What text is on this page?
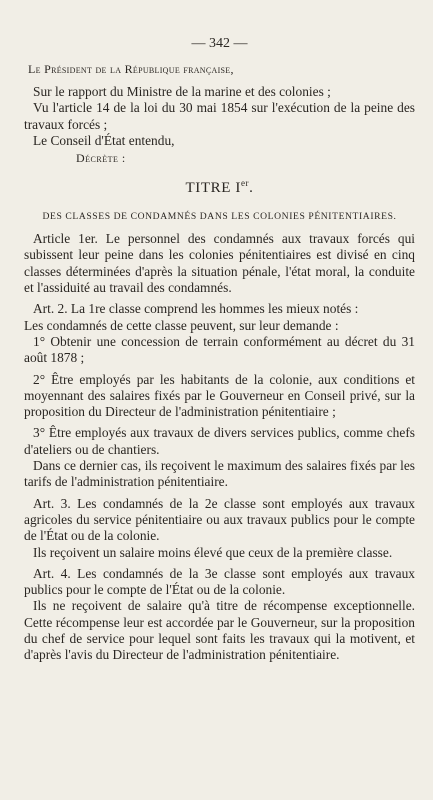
— 342 —
Le Président de la République française,

Sur le rapport du Ministre de la marine et des colonies ;

Vu l'article 14 de la loi du 30 mai 1854 sur l'exécution de la peine des travaux forcés ;

Le Conseil d'État entendu,

Décrète :
TITRE Ier.
DES CLASSES DE CONDAMNÉS DANS LES COLONIES PÉNITENTIAIRES.

Article 1er. Le personnel des condamnés aux travaux forcés qui subissent leur peine dans les colonies pénitentiaires est divisé en cinq classes déterminées d'après la situation pénale, l'état moral, la conduite et l'assiduité au travail des condamnés.

Art. 2. La 1re classe comprend les hommes les mieux notés :

Les condamnés de cette classe peuvent, sur leur demande :

1° Obtenir une concession de terrain conformément au décret du 31 août 1878 ;

2° Être employés par les habitants de la colonie, aux conditions et moyennant des salaires fixés par le Gouverneur en Conseil privé, sur la proposition du Directeur de l'administration pénitentiaire ;

3° Être employés aux travaux de divers services publics, comme chefs d'ateliers ou de chantiers.

Dans ce dernier cas, ils reçoivent le maximum des salaires fixés par les tarifs de l'administration pénitentiaire.

Art. 3. Les condamnés de la 2e classe sont employés aux travaux agricoles du service pénitentiaire ou aux travaux publics pour le compte de l'État ou de la colonie.

Ils reçoivent un salaire moins élevé que ceux de la première classe.

Art. 4. Les condamnés de la 3e classe sont employés aux travaux publics pour le compte de l'État ou de la colonie.

Ils ne reçoivent de salaire qu'à titre de récompense exceptionnelle. Cette récompense leur est accordée par le Gouverneur, sur la proposition du chef de service pour lequel sont faits les travaux qui la motivent, et d'après l'avis du Directeur de l'administration pénitentiaire.
